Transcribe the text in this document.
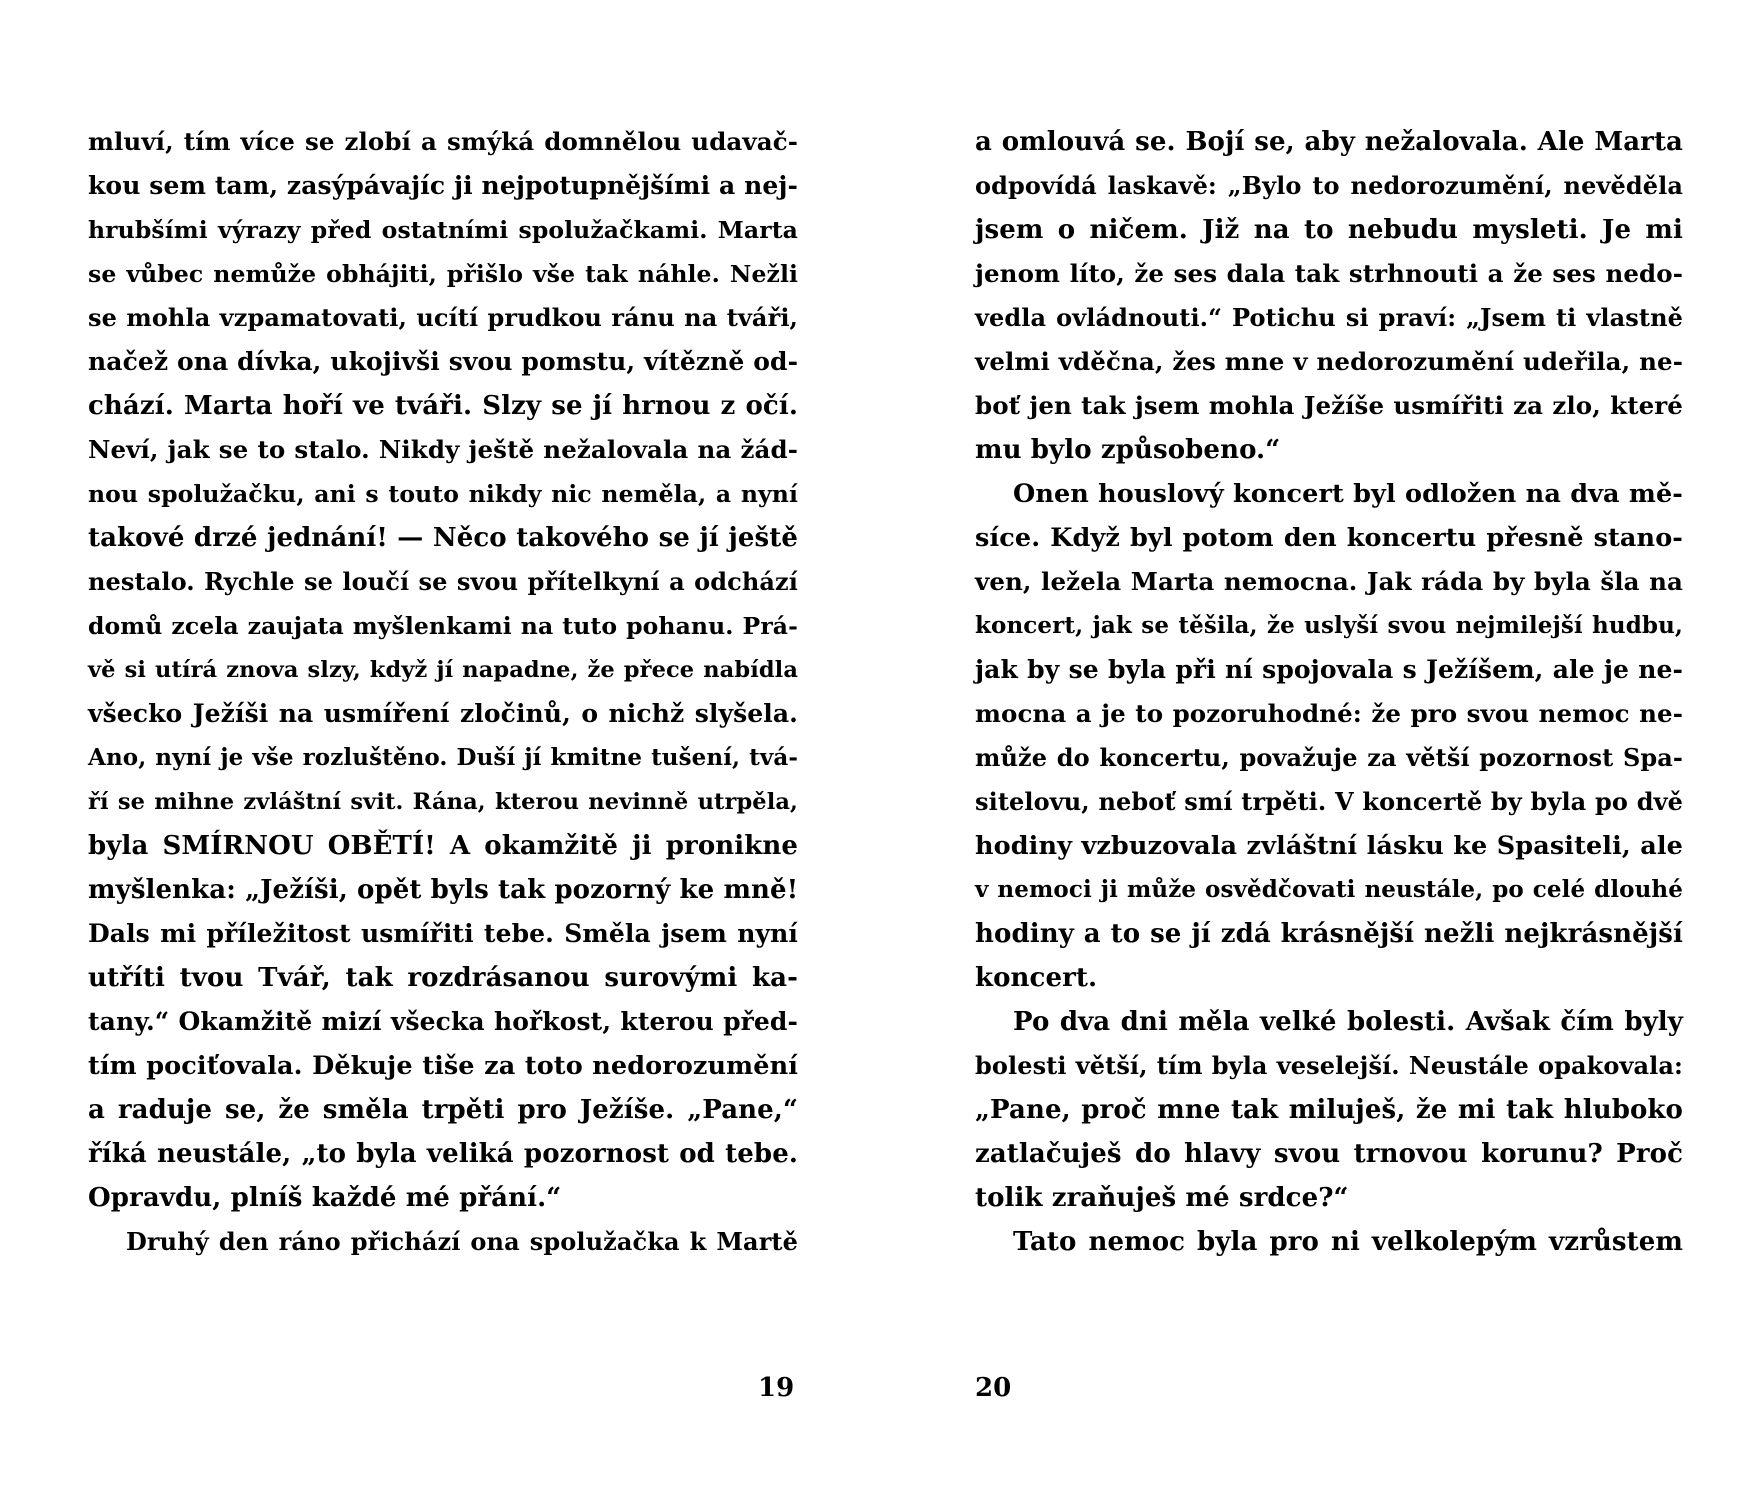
mluví, tím více se zlobí a smýká domnělou udavač-
kou sem tam, zasýpávajíc ji nejpotupnějšími a nej-
hrubšími výrazy před ostatními spolužačkami. Marta
se vůbec nemůže obhájiti, přišlo vše tak náhle. Nežli
se mohla vzpamatovati, ucítí prudkou ránu na tváři,
načež ona dívka, ukojivši svou pomstu, vítězně od-
chází. Marta hoří ve tváři. Slzy se jí hrnou z očí.
Neví, jak se to stalo. Nikdy ještě nežalovala na žád-
nou spolužačku, ani s touto nikdy nic neměla, a nyní
takové drzé jednání! — Něco takového se jí ještě
nestalo. Rychle se loučí se svou přítelkyní a odchází
domů zcela zaujata myšlenkami na tuto pohanu. Prá-
vě si utírá znova slzy, když jí napadne, že přece nabídla
všecko Ježíši na usmíření zločinů, o nichž slyšela.
Ano, nyní je vše rozluštěno. Duší jí kmitne tušení, tvá-
ří se mihne zvláštní svit. Rána, kterou nevinně utrpěla,
byla SMÍRNOU OBĚTÍ! A okamžitě ji pronikne
myšlenka: „Ježíši, opět byls tak pozorný ke mně!
Dals mi příležitost usmířiti tebe. Směla jsem nyní
utříti tvou Tvář, tak rozdrásanou surovými ka-
tany.“ Okamžitě mizí všecka hořkost, kterou před-
tím pociťovala. Děkuje tiše za toto nedorozumění
a raduje se, že směla trpěti pro Ježíše. „Pane,“
říká neustále, „to byla veliká pozornost od tebe.
Opravdu, plníš každé mé přání.“
Druhý den ráno přichází ona spolužačka k Martě
a omlouvá se. Bojí se, aby nežalovala. Ale Marta
odpovídá laskavě: „Bylo to nedorozumění, nevěděla
jsem o ničem. Již na to nebudu mysleti. Je mi
jenom líto, že ses dala tak strhnouti a že ses nedo-
vedla ovládnouti.“ Potichu si praví: „Jsem ti vlastně
velmi vděčna, žes mne v nedorozumění udeřila, ne-
boť jen tak jsem mohla Ježíše usmířiti za zlo, které
mu bylo způsobeno.“
Onen houslový koncert byl odložen na dva mě-
síce. Když byl potom den koncertu přesně stano-
ven, ležela Marta nemocna. Jak ráda by byla šla na
koncert, jak se těšila, že uslyší svou nejmilejší hudbu,
jak by se byla při ní spojovala s Ježíšem, ale je ne-
mocna a je to pozoruhodné: že pro svou nemoc ne-
může do koncertu, považuje za větší pozornost Spa-
sitelovu, neboť smí trpěti. V koncertě by byla po dvě
hodiny vzbuzovala zvláštní lásku ke Spasiteli, ale
v nemoci ji může osvědčovati neustále, po celé dlouhé
hodiny a to se jí zdá krásnější nežli nejkrásnější
koncert.
Po dva dni měla velké bolesti. Avšak čím byly
bolesti větší, tím byla veselejší. Neustále opakovala:
„Pane, proč mne tak miluješ, že mi tak hluboko
zatlačuješ do hlavy svou trnovou korunu? Proč
tolik zraňuješ mé srdce?“
Tato nemoc byla pro ni velkolepým vzrůstem
19	20
